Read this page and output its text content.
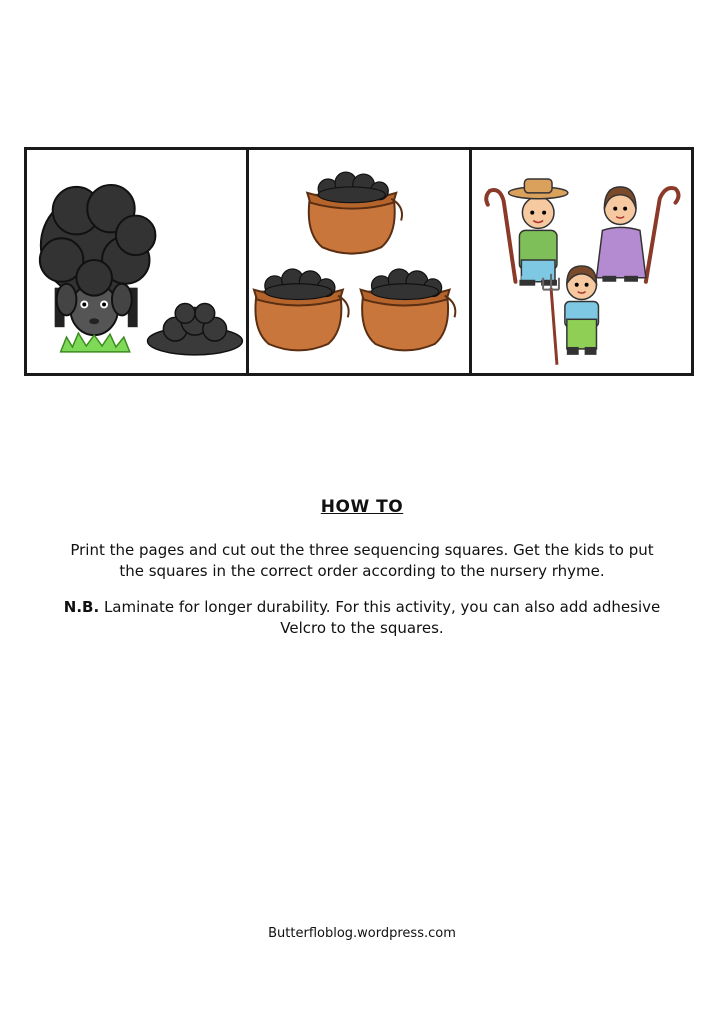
HOW TO
Print the pages and cut out the three sequencing squares. Get the kids to put the squares in the correct order according to the nursery rhyme.
N.B. Laminate for longer durability. For this activity, you can also add adhesive Velcro to the squares.
Butterfloblog.wordpress.com
